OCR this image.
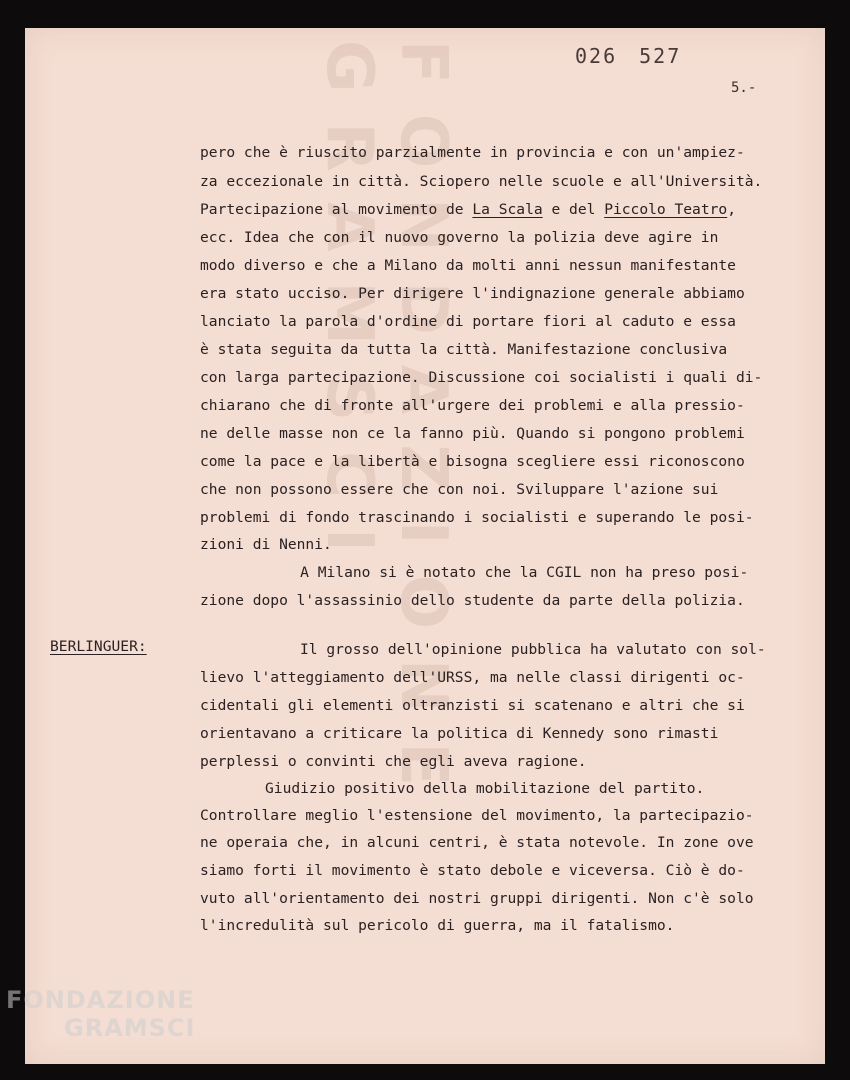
FONDAZIONE GRAMSCI	026 527
5.-

pero che è riuscito parzialmente in provincia e con un'ampiez-

za eccezionale in città. Sciopero nelle scuole e all'Università.

Partecipazione al movimento de La Scala e del Piccolo Teatro,

ecc. Idea che con il nuovo governo la polizia deve agire in

modo diverso e che a Milano da molti anni nessun manifestante

era stato ucciso. Per dirigere l'indignazione generale abbiamo

lanciato la parola d'ordine di portare fiori al caduto e essa

è stata seguita da tutta la città. Manifestazione conclusiva

con larga partecipazione. Discussione coi socialisti i quali di-

chiarano che di fronte all'urgere dei problemi e alla pressio-

ne delle masse non ce la fanno più. Quando si pongono problemi

come la pace e la libertà e bisogna scegliere essi riconoscono

che non possono essere che con noi. Sviluppare l'azione sui

problemi di fondo trascinando i socialisti e superando le posi-

zioni di Nenni.

A Milano si è notato che la CGIL non ha preso posi-

zione dopo l'assassinio dello studente da parte della polizia.

BERLINGUER:	Il grosso dell'opinione pubblica ha valutato con sol-

lievo l'atteggiamento dell'URSS, ma nelle classi dirigenti oc-

cidentali gli elementi oltranzisti si scatenano e altri che si

orientavano a criticare la politica di Kennedy sono rimasti

perplessi o convinti che egli aveva ragione.

Giudizio positivo della mobilitazione del partito.

Controllare meglio l'estensione del movimento, la partecipazio-

ne operaia che, in alcuni centri, è stata notevole. In zone ove

siamo forti il movimento è stato debole e viceversa. Ciò è do-

vuto all'orientamento dei nostri gruppi dirigenti. Non c'è solo

l'incredulità sul pericolo di guerra, ma il fatalismo.

FONDAZIONE
GRAMSCI
